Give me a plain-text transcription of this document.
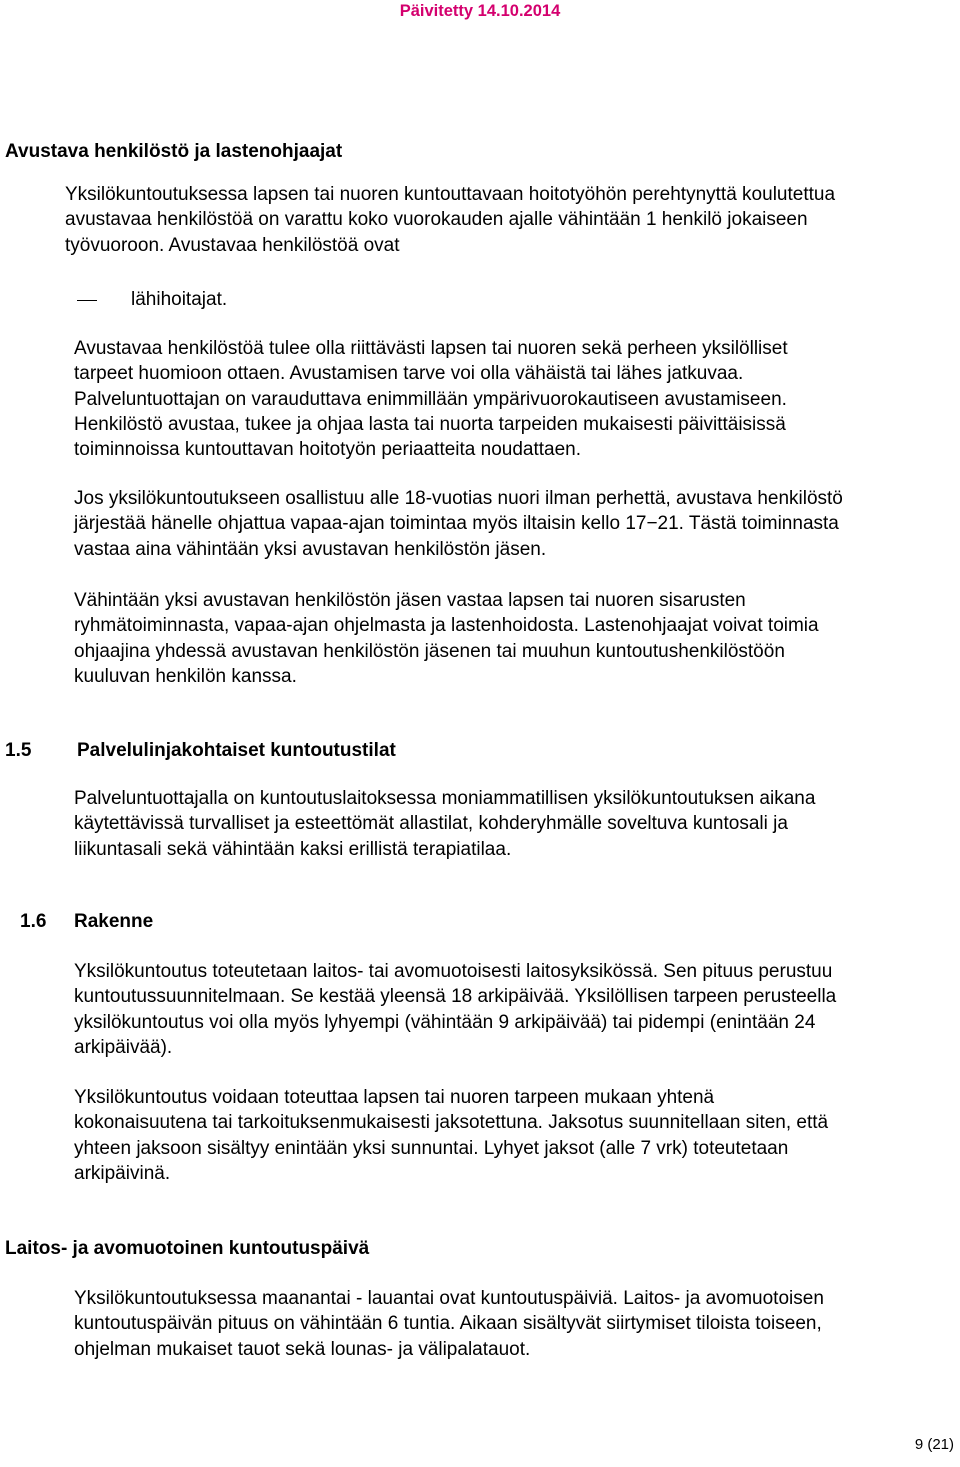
Päivitetty 14.10.2014
Avustava henkilöstö ja lastenohjaajat
Yksilökuntoutuksessa lapsen tai nuoren kuntouttavaan hoitotyöhön perehtynyttä koulutettua
avustavaa henkilöstöä on varattu koko vuorokauden ajalle vähintään 1 henkilö jokaiseen
työvuoroon. Avustavaa henkilöstöä ovat
lähihoitajat.
Avustavaa henkilöstöä tulee olla riittävästi lapsen tai nuoren sekä perheen yksilölliset
tarpeet huomioon ottaen. Avustamisen tarve voi olla vähäistä tai lähes jatkuvaa.
Palveluntuottajan on varauduttava enimmillään ympärivuorokautiseen avustamiseen.
Henkilöstö avustaa, tukee ja ohjaa lasta tai nuorta tarpeiden mukaisesti päivittäisissä
toiminnoissa kuntouttavan hoitotyön periaatteita noudattaen.
Jos yksilökuntoutukseen osallistuu alle 18-vuotias nuori ilman perhettä, avustava henkilöstö
järjestää hänelle ohjattua vapaa-ajan toimintaa myös iltaisin kello 17−21. Tästä toiminnasta
vastaa aina vähintään yksi avustavan henkilöstön jäsen.
Vähintään yksi avustavan henkilöstön jäsen vastaa lapsen tai nuoren sisarusten
ryhmätoiminnasta, vapaa-ajan ohjelmasta ja lastenhoidosta. Lastenohjaajat voivat toimia
ohjaajina yhdessä avustavan henkilöstön jäsenen tai muuhun kuntoutushenkilöstöön
kuuluvan henkilön kanssa.
1.5	Palvelulinjakohtaiset kuntoutustilat
Palveluntuottajalla on kuntoutuslaitoksessa moniammatillisen yksilökuntoutuksen aikana
käytettävissä turvalliset ja esteettömät allastilat, kohderyhmälle soveltuva kuntosali ja
liikuntasali sekä vähintään kaksi erillistä terapiatilaa.
1.6	Rakenne
Yksilökuntoutus toteutetaan laitos- tai avomuotoisesti laitosyksikössä. Sen pituus perustuu
kuntoutussuunnitelmaan. Se kestää yleensä 18 arkipäivää. Yksilöllisen tarpeen perusteella
yksilökuntoutus voi olla myös lyhyempi (vähintään 9 arkipäivää) tai pidempi (enintään 24
arkipäivää).
Yksilökuntoutus voidaan toteuttaa lapsen tai nuoren tarpeen mukaan yhtenä
kokonaisuutena tai tarkoituksenmukaisesti jaksotettuna. Jaksotus suunnitellaan siten, että
yhteen jaksoon sisältyy enintään yksi sunnuntai. Lyhyet jaksot (alle 7 vrk) toteutetaan
arkipäivinä.
Laitos- ja avomuotoinen kuntoutuspäivä
Yksilökuntoutuksessa maanantai - lauantai ovat kuntoutuspäiviä. Laitos- ja avomuotoisen
kuntoutuspäivän pituus on vähintään 6 tuntia. Aikaan sisältyvät siirtymiset tiloista toiseen,
ohjelman mukaiset tauot sekä lounas- ja välipalatauot.
9 (21)
